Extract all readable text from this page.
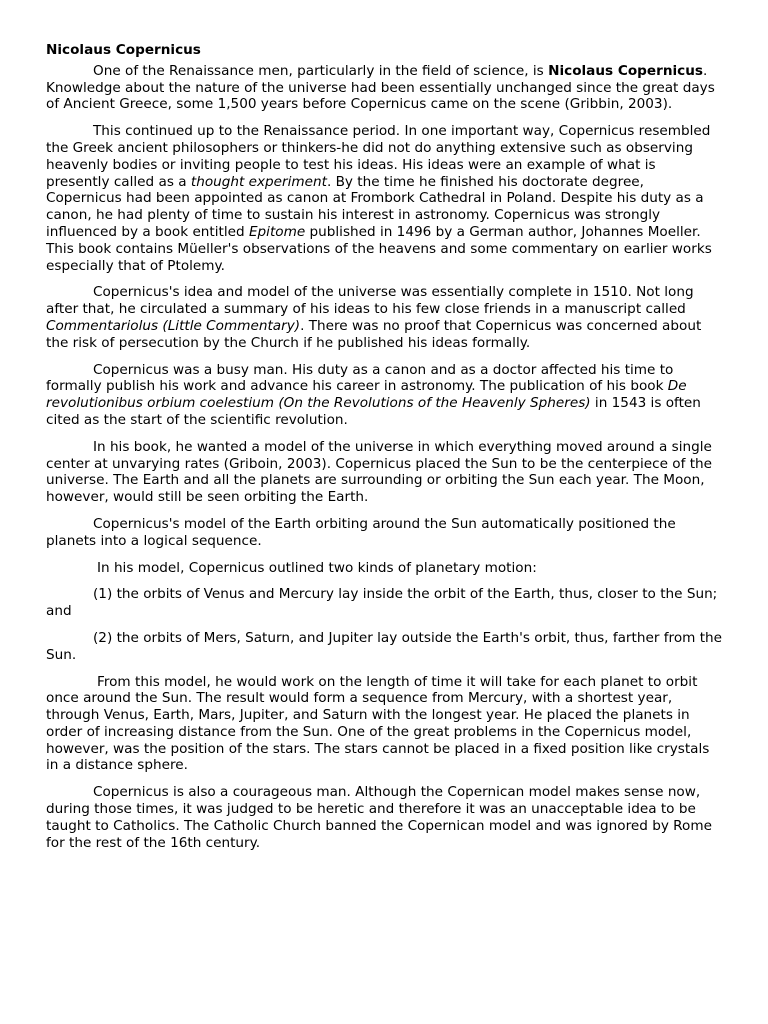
Nicolaus Copernicus

One of the Renaissance men, particularly in the field of science, is Nicolaus Copernicus. Knowledge about the nature of the universe had been essentially unchanged since the great days of Ancient Greece, some 1,500 years before Copernicus came on the scene (Gribbin, 2003).

This continued up to the Renaissance period. In one important way, Copernicus resembled the Greek ancient philosophers or thinkers-he did not do anything extensive such as observing heavenly bodies or inviting people to test his ideas. His ideas were an example of what is presently called as a thought experiment. By the time he finished his doctorate degree, Copernicus had been appointed as canon at Frombork Cathedral in Poland. Despite his duty as a canon, he had plenty of time to sustain his interest in astronomy. Copernicus was strongly influenced by a book entitled Epitome published in 1496 by a German author, Johannes Moeller. This book contains Müeller's observations of the heavens and some commentary on earlier works especially that of Ptolemy.

Copernicus's idea and model of the universe was essentially complete in 1510. Not long after that, he circulated a summary of his ideas to his few close friends in a manuscript called Commentariolus (Little Commentary). There was no proof that Copernicus was concerned about the risk of persecution by the Church if he published his ideas formally.

Copernicus was a busy man. His duty as a canon and as a doctor affected his time to formally publish his work and advance his career in astronomy. The publication of his book De revolutionibus orbium coelestium (On the Revolutions of the Heavenly Spheres) in 1543 is often cited as the start of the scientific revolution.

In his book, he wanted a model of the universe in which everything moved around a single center at unvarying rates (Griboin, 2003). Copernicus placed the Sun to be the centerpiece of the universe. The Earth and all the planets are surrounding or orbiting the Sun each year. The Moon, however, would still be seen orbiting the Earth.

Copernicus's model of the Earth orbiting around the Sun automatically positioned the planets into a logical sequence.

In his model, Copernicus outlined two kinds of planetary motion:

(1) the orbits of Venus and Mercury lay inside the orbit of the Earth, thus, closer to the Sun; and

(2) the orbits of Mers, Saturn, and Jupiter lay outside the Earth's orbit, thus, farther from the Sun.

From this model, he would work on the length of time it will take for each planet to orbit once around the Sun. The result would form a sequence from Mercury, with a shortest year, through Venus, Earth, Mars, Jupiter, and Saturn with the longest year. He placed the planets in order of increasing distance from the Sun. One of the great problems in the Copernicus model, however, was the position of the stars. The stars cannot be placed in a fixed position like crystals in a distance sphere.

Copernicus is also a courageous man. Although the Copernican model makes sense now, during those times, it was judged to be heretic and therefore it was an unacceptable idea to be taught to Catholics. The Catholic Church banned the Copernican model and was ignored by Rome for the rest of the 16th century.
